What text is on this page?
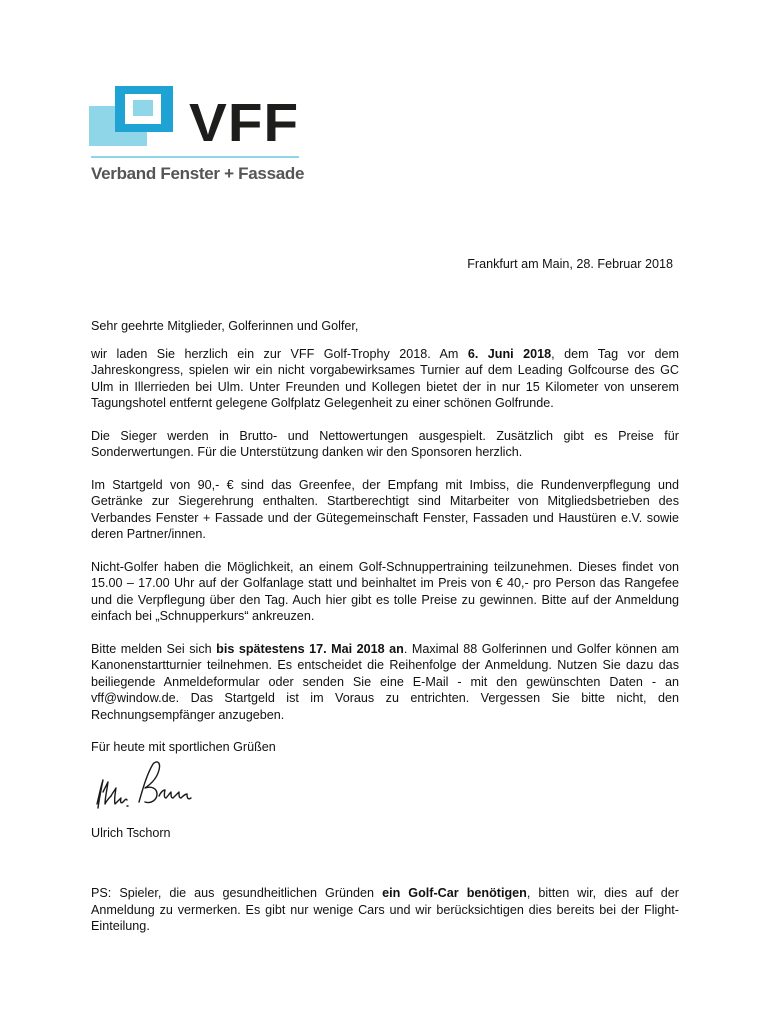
VFF
Verband Fenster + Fassade
Frankfurt am Main, 28. Februar 2018

Sehr geehrte Mitglieder, Golferinnen und Golfer,

wir laden Sie herzlich ein zur VFF Golf-Trophy 2018. Am 6. Juni 2018, dem Tag vor dem Jahreskongress, spielen wir ein nicht vorgabewirksames Turnier auf dem Leading Golfcourse des GC Ulm in Illerrieden bei Ulm. Unter Freunden und Kollegen bietet der in nur 15 Kilometer von unserem Tagungshotel entfernt gelegene Golfplatz Gelegenheit zu einer schönen Golfrunde.

Die Sieger werden in Brutto- und Nettowertungen ausgespielt. Zusätzlich gibt es Preise für Sonderwertungen. Für die Unterstützung danken wir den Sponsoren herzlich.

Im Startgeld von 90,- € sind das Greenfee, der Empfang mit Imbiss, die Rundenverpflegung und Getränke zur Siegerehrung enthalten. Startberechtigt sind Mitarbeiter von Mitgliedsbetrieben des Verbandes Fenster + Fassade und der Gütegemeinschaft Fenster, Fassaden und Haustüren e.V. sowie deren Partner/innen.

Nicht-Golfer haben die Möglichkeit, an einem Golf-Schnuppertraining teilzunehmen. Dieses findet von 15.00 – 17.00 Uhr auf der Golfanlage statt und beinhaltet im Preis von € 40,- pro Person das Rangefee und die Verpflegung über den Tag. Auch hier gibt es tolle Preise zu gewinnen. Bitte auf der Anmeldung einfach bei „Schnupperkurs“ ankreuzen.

Bitte melden Sei sich bis spätestens 17. Mai 2018 an. Maximal 88 Golferinnen und Golfer können am Kanonenstartturnier teilnehmen. Es entscheidet die Reihenfolge der Anmeldung. Nutzen Sie dazu das beiliegende Anmeldeformular oder senden Sie eine E-Mail - mit den gewünschten Daten - an vff@window.de. Das Startgeld ist im Voraus zu entrichten. Vergessen Sie bitte nicht, den Rechnungsempfänger anzugeben.

Für heute mit sportlichen Grüßen

Ulrich Tschorn

PS: Spieler, die aus gesundheitlichen Gründen ein Golf-Car benötigen, bitten wir, dies auf der Anmeldung zu vermerken. Es gibt nur wenige Cars und wir berücksichtigen dies bereits bei der Flight-Einteilung.
